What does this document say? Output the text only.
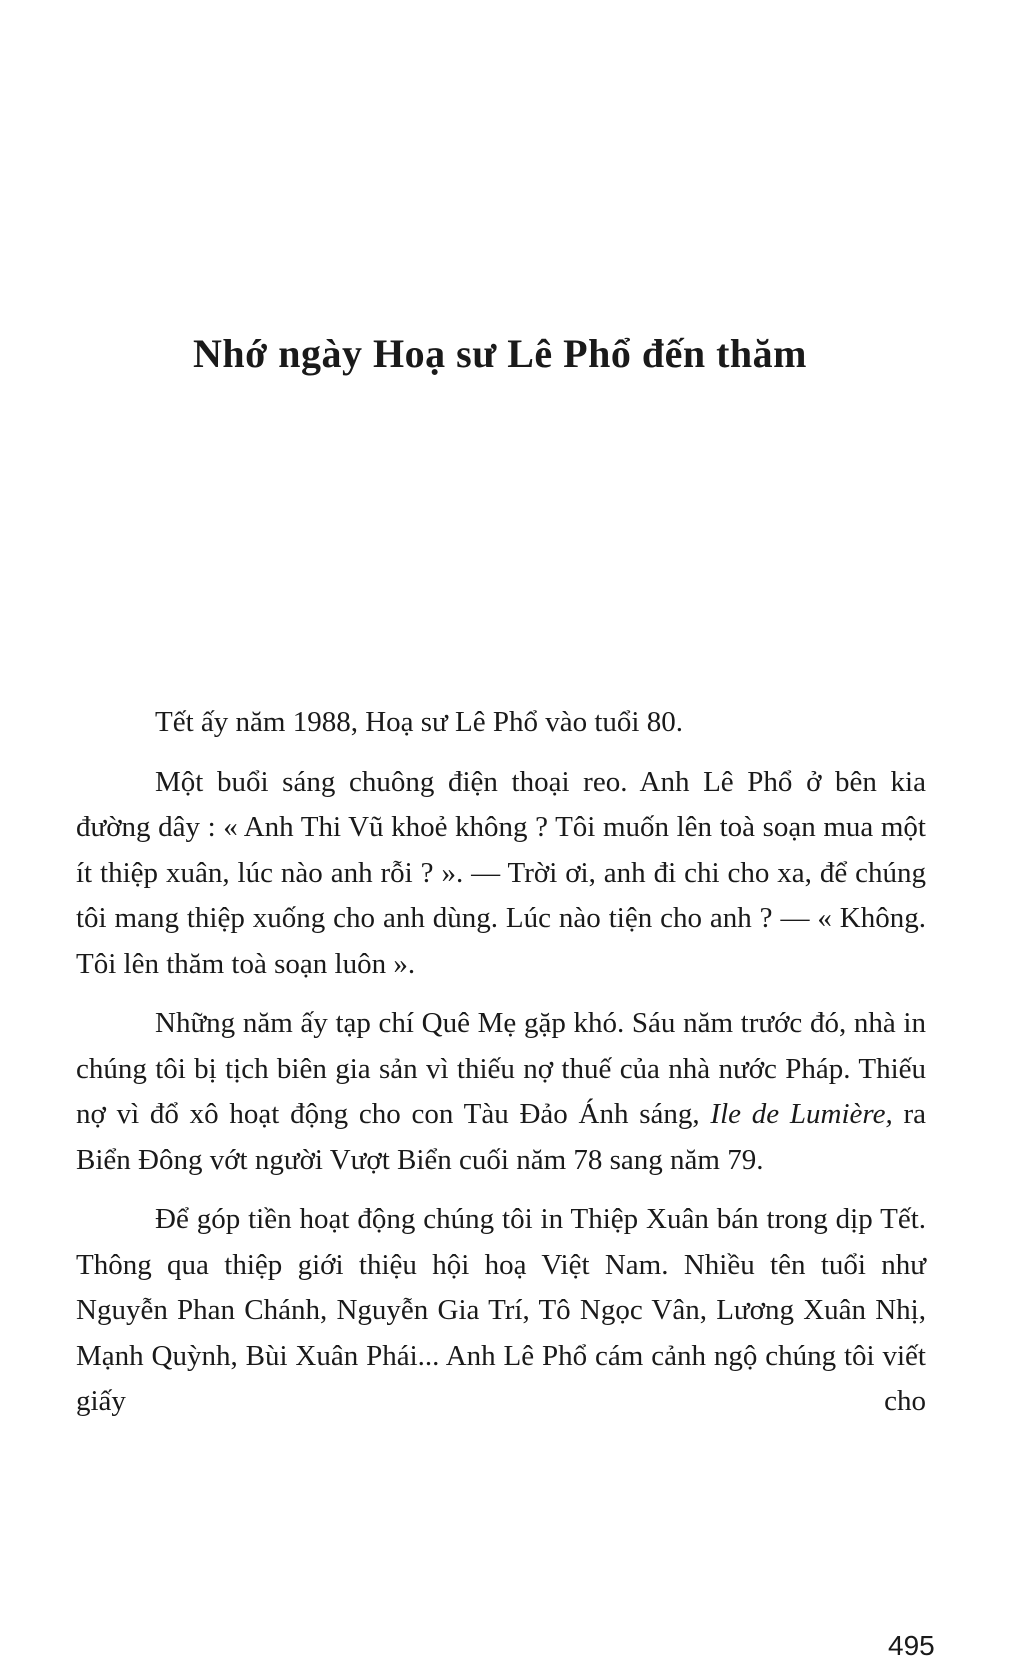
Nhớ ngày Hoạ sư Lê Phổ đến thăm

Tết ấy năm 1988, Hoạ sư Lê Phổ vào tuổi 80.

Một buổi sáng chuông điện thoại reo. Anh Lê Phổ ở bên kia đường dây : « Anh Thi Vũ khoẻ không ? Tôi muốn lên toà soạn mua một ít thiệp xuân, lúc nào anh rỗi ? ». — Trời ơi, anh đi chi cho xa, để chúng tôi mang thiệp xuống cho anh dùng. Lúc nào tiện cho anh ? — « Không. Tôi lên thăm toà soạn luôn ».

Những năm ấy tạp chí Quê Mẹ gặp khó. Sáu năm trước đó, nhà in chúng tôi bị tịch biên gia sản vì thiếu nợ thuế của nhà nước Pháp. Thiếu nợ vì đổ xô hoạt động cho con Tàu Đảo Ánh sáng, Ile de Lumière, ra Biển Đông vớt người Vượt Biển cuối năm 78 sang năm 79.

Để góp tiền hoạt động chúng tôi in Thiệp Xuân bán trong dịp Tết. Thông qua thiệp giới thiệu hội hoạ Việt Nam. Nhiều tên tuổi như Nguyễn Phan Chánh, Nguyễn Gia Trí, Tô Ngọc Vân, Lương Xuân Nhị, Mạnh Quỳnh, Bùi Xuân Phái... Anh Lê Phổ cám cảnh ngộ chúng tôi viết giấy cho

495
